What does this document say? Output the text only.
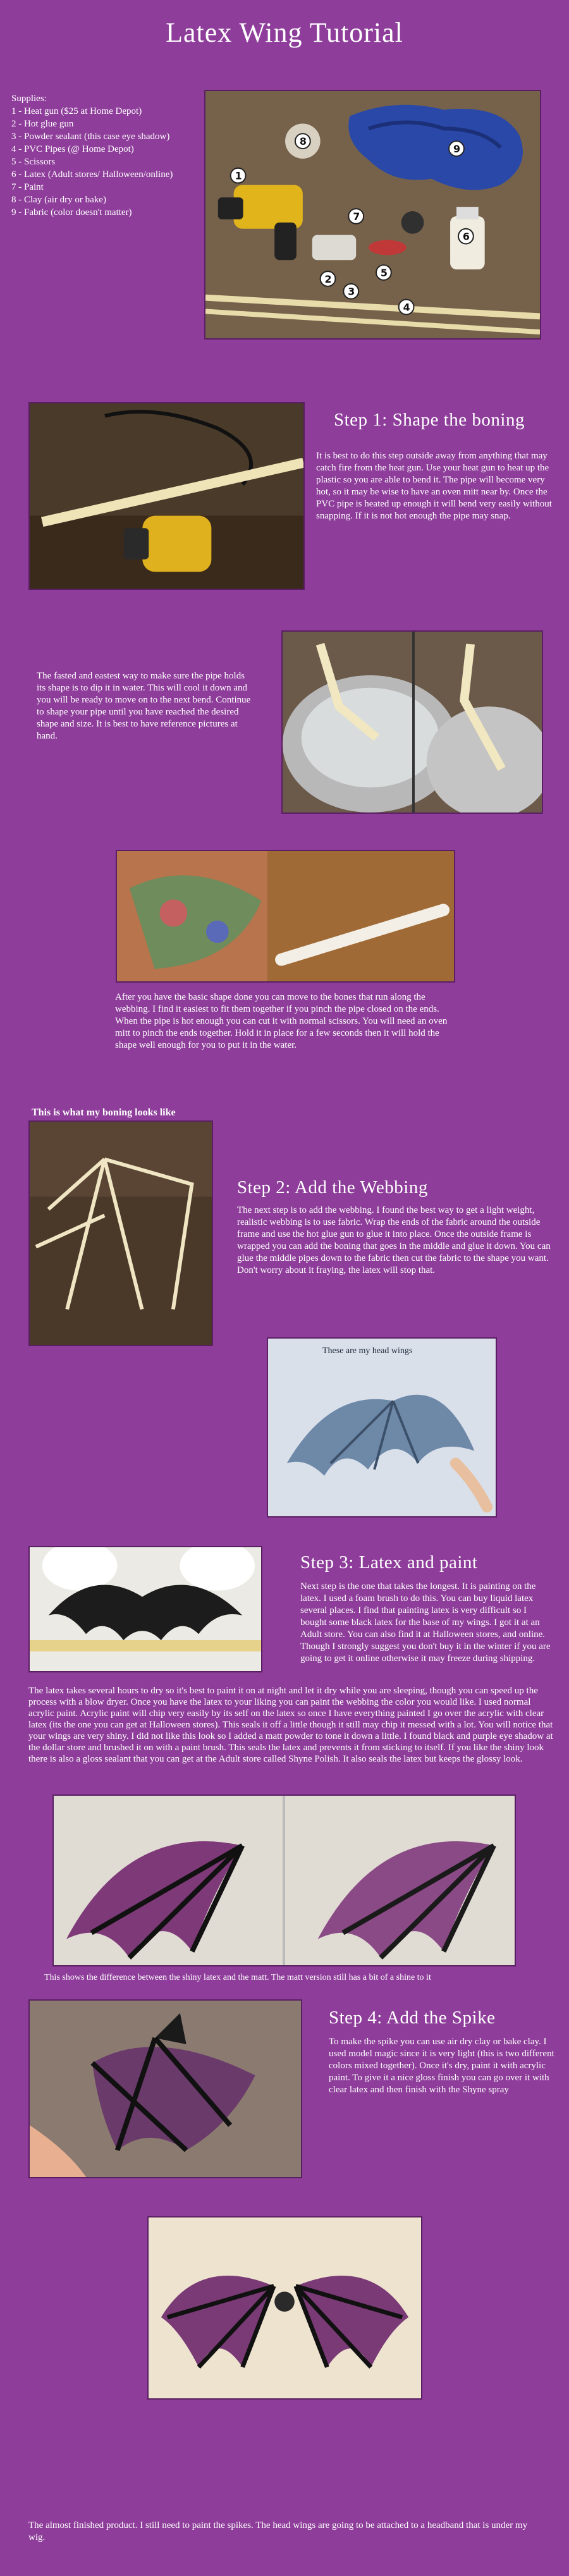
Latex Wing Tutorial
Supplies:
1 - Heat gun ($25 at Home Depot)
2 - Hot glue gun
3 - Powder sealant (this case eye shadow)
4 - PVC Pipes (@ Home Depot)
5 - Scissors
6 - Latex (Adult stores/ Halloween/online)
7 - Paint
8 - Clay (air dry or bake)
9 - Fabric (color doesn't matter)
1
2
3
4
5
6
7
8
9
Step 1: Shape the boning
It is best to do this step outside away from anything that may catch fire from the heat gun. Use your heat gun to heat up the plastic so you are able to bend it. The pipe will become very hot, so it may be wise to have an oven mitt near by. Once the PVC pipe is heated up enough it will bend very easily without snapping. If it is not hot enough the pipe may snap.
The fasted and eastest way to make sure the pipe holds its shape is to dip it in water. This will cool it down and you will be ready to move on to the next bend. Continue to shape your pipe until you have reached the desired shape and size. It is best to have reference pictures at hand.
After you have the basic shape done you can move to the bones that run along the webbing. I find it easiest to fit them together if you pinch the pipe closed on the ends. When the pipe is hot enough you can cut it with normal scissors. You will need an oven mitt to pinch the ends together. Hold it in place for a few seconds then it will hold the shape well enough for you to put it in the water.
This is what my boning looks like
Step 2: Add the Webbing
The next step is to add the webbing. I found the best way to get a light weight, realistic webbing is to use fabric. Wrap the ends of the fabric around the outside frame and use the hot glue gun to glue it into place. Once the outside frame is wrapped you can add the boning that goes in the middle and glue it down. You can glue the middle pipes down to the fabric then cut the fabric to the shape you want. Don't worry about it fraying, the latex will stop that.
These are my head wings
Step 3: Latex and paint
Next step is the one that takes the longest. It is painting on the latex. I used a foam brush to do this. You can buy liquid latex several places. I find that painting latex is very difficult so I bought some black latex for the base of my wings. I got it at an Adult store. You can also find it at Halloween stores, and online. Though I strongly suggest you don't buy it in the winter if you are going to get it online otherwise it may freeze during shipping.
The latex takes several hours to dry so it's best to paint it on at night and let it dry while you are sleeping, though you can speed up the process with a blow dryer. Once you have the latex to your liking you can paint the webbing the color you would like. I used normal acrylic paint. Acrylic paint will chip very easily by its self on the latex so once I have everything painted I go over the acrylic with clear latex (its the one you can get at Halloween stores). This seals it off a little though it still may chip it messed with a lot. You will notice that your wings are very shiny. I did not like this look so I added a matt powder to tone it down a little. I found black and purple eye shadow at the dollar store and brushed it on with a paint brush. This seals the latex and prevents it from sticking to itself. If you like the shiny look there is also a gloss sealant that you can get at the Adult store called Shyne Polish. It also seals the latex but keeps the glossy look.
This shows the difference between the shiny latex and the matt. The matt version still has a bit of a shine to it
Step 4: Add the Spike
To make the spike you can use air dry clay or bake clay. I used model magic since it is very light (this is two different colors mixed together). Once it's dry, paint it with acrylic paint. To give it a nice gloss finish you can go over it with clear latex and then finish with the Shyne spray
The almost finished product. I still need to paint the spikes. The head wings are going to be attached to a headband that is under my wig.
